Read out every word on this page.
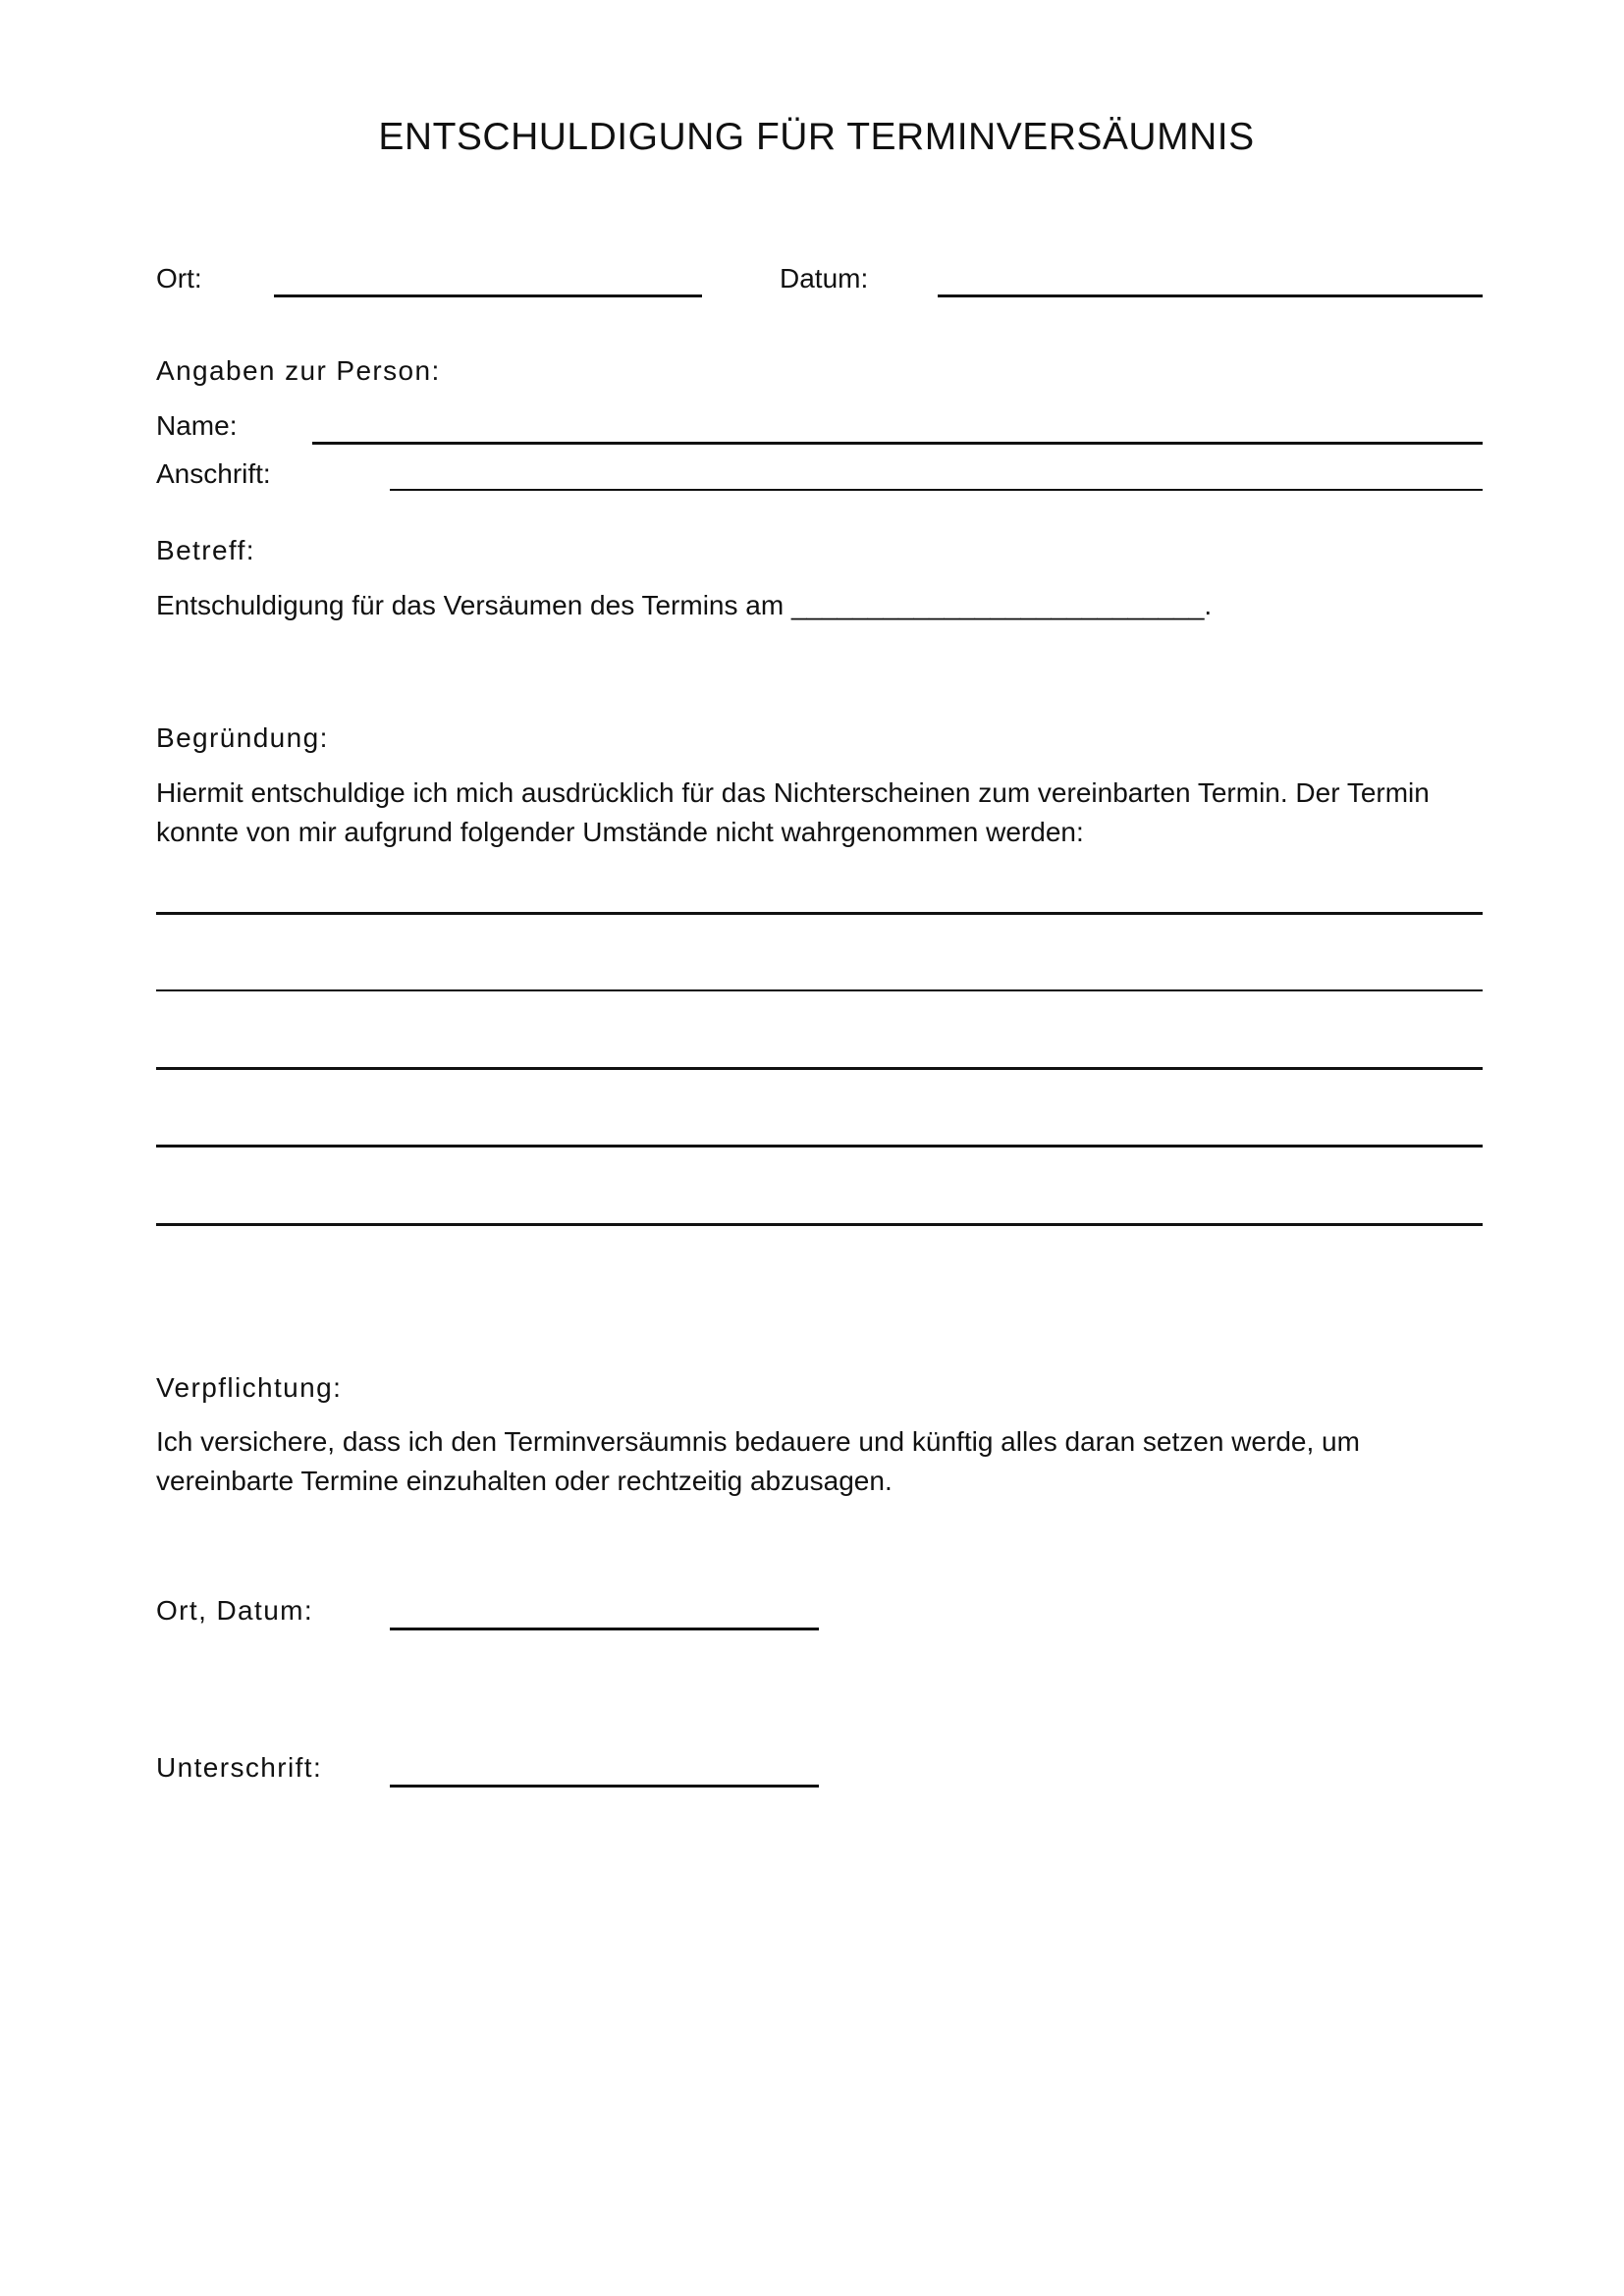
ENTSCHULDIGUNG FÜR TERMINVERSÄUMNIS
Ort:	Datum:
Angaben zur Person:
Name:
Anschrift:
Betreff:
Entschuldigung für das Versäumen des Termins am ___________________________.
Begründung:
Hiermit entschuldige ich mich ausdrücklich für das Nichterscheinen zum vereinbarten Termin. Der Termin konnte von mir aufgrund folgender Umstände nicht wahrgenommen werden:
Verpflichtung:
Ich versichere, dass ich den Terminversäumnis bedauere und künftig alles daran setzen werde, um vereinbarte Termine einzuhalten oder rechtzeitig abzusagen.
Ort, Datum:
Unterschrift:
